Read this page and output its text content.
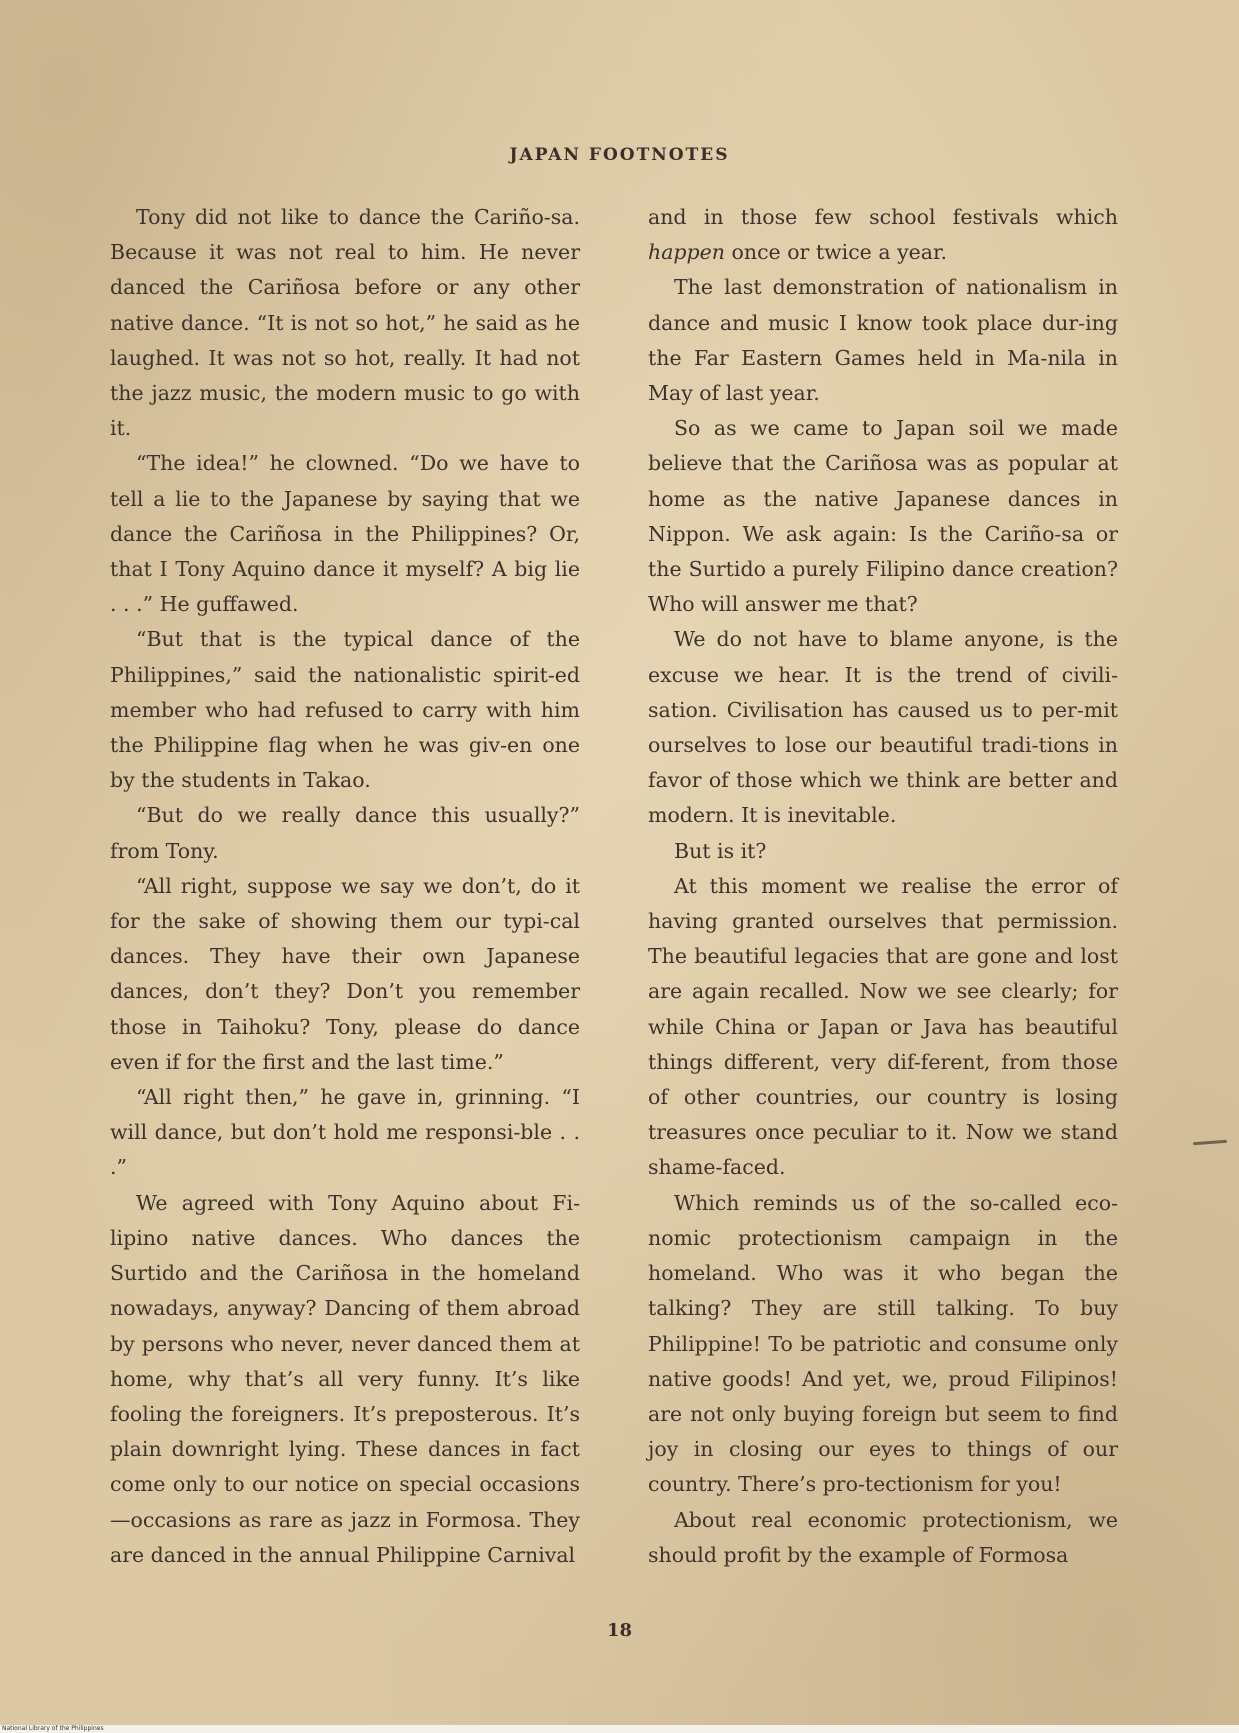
JAPAN FOOTNOTES

Tony did not like to dance the Cariño-sa. Because it was not real to him. He never danced the Cariñosa before or any other native dance. “It is not so hot,” he said as he laughed. It was not so hot, really. It had not the jazz music, the modern music to go with it.

“The idea!” he clowned. “Do we have to tell a lie to the Japanese by saying that we dance the Cariñosa in the Philippines? Or, that I Tony Aquino dance it myself? A big lie . . .” He guffawed.

“But that is the typical dance of the Philippines,” said the nationalistic spirit-ed member who had refused to carry with him the Philippine flag when he was giv-en one by the students in Takao.

“But do we really dance this usually?” from Tony.

“All right, suppose we say we don’t, do it for the sake of showing them our typi-cal dances. They have their own Japanese dances, don’t they? Don’t you remember those in Taihoku? Tony, please do dance even if for the first and the last time.”

“All right then,” he gave in, grinning. “I will dance, but don’t hold me responsi-ble . . .”

We agreed with Tony Aquino about Fi-lipino native dances. Who dances the Surtido and the Cariñosa in the homeland nowadays, anyway? Dancing of them abroad by persons who never, never danced them at home, why that’s all very funny. It’s like fooling the foreigners. It’s preposterous. It’s plain downright lying. These dances in fact come only to our notice on special occasions—occasions as rare as jazz in Formosa. They are danced in the annual Philippine Carnival

and in those few school festivals which happen once or twice a year.

The last demonstration of nationalism in dance and music I know took place dur-ing the Far Eastern Games held in Ma-nila in May of last year.

So as we came to Japan soil we made believe that the Cariñosa was as popular at home as the native Japanese dances in Nippon. We ask again: Is the Cariño-sa or the Surtido a purely Filipino dance creation? Who will answer me that?

We do not have to blame anyone, is the excuse we hear. It is the trend of civili-sation. Civilisation has caused us to per-mit ourselves to lose our beautiful tradi-tions in favor of those which we think are better and modern. It is inevitable.

But is it?

At this moment we realise the error of having granted ourselves that permission. The beautiful legacies that are gone and lost are again recalled. Now we see clearly; for while China or Japan or Java has beautiful things different, very dif-ferent, from those of other countries, our country is losing treasures once peculiar to it. Now we stand shame-faced.

Which reminds us of the so-called eco-nomic protectionism campaign in the homeland. Who was it who began the talking? They are still talking. To buy Philippine! To be patriotic and consume only native goods! And yet, we, proud Filipinos! are not only buying foreign but seem to find joy in closing our eyes to things of our country. There’s pro-tectionism for you!

About real economic protectionism, we should profit by the example of Formosa

18
National Library of the Philippines
